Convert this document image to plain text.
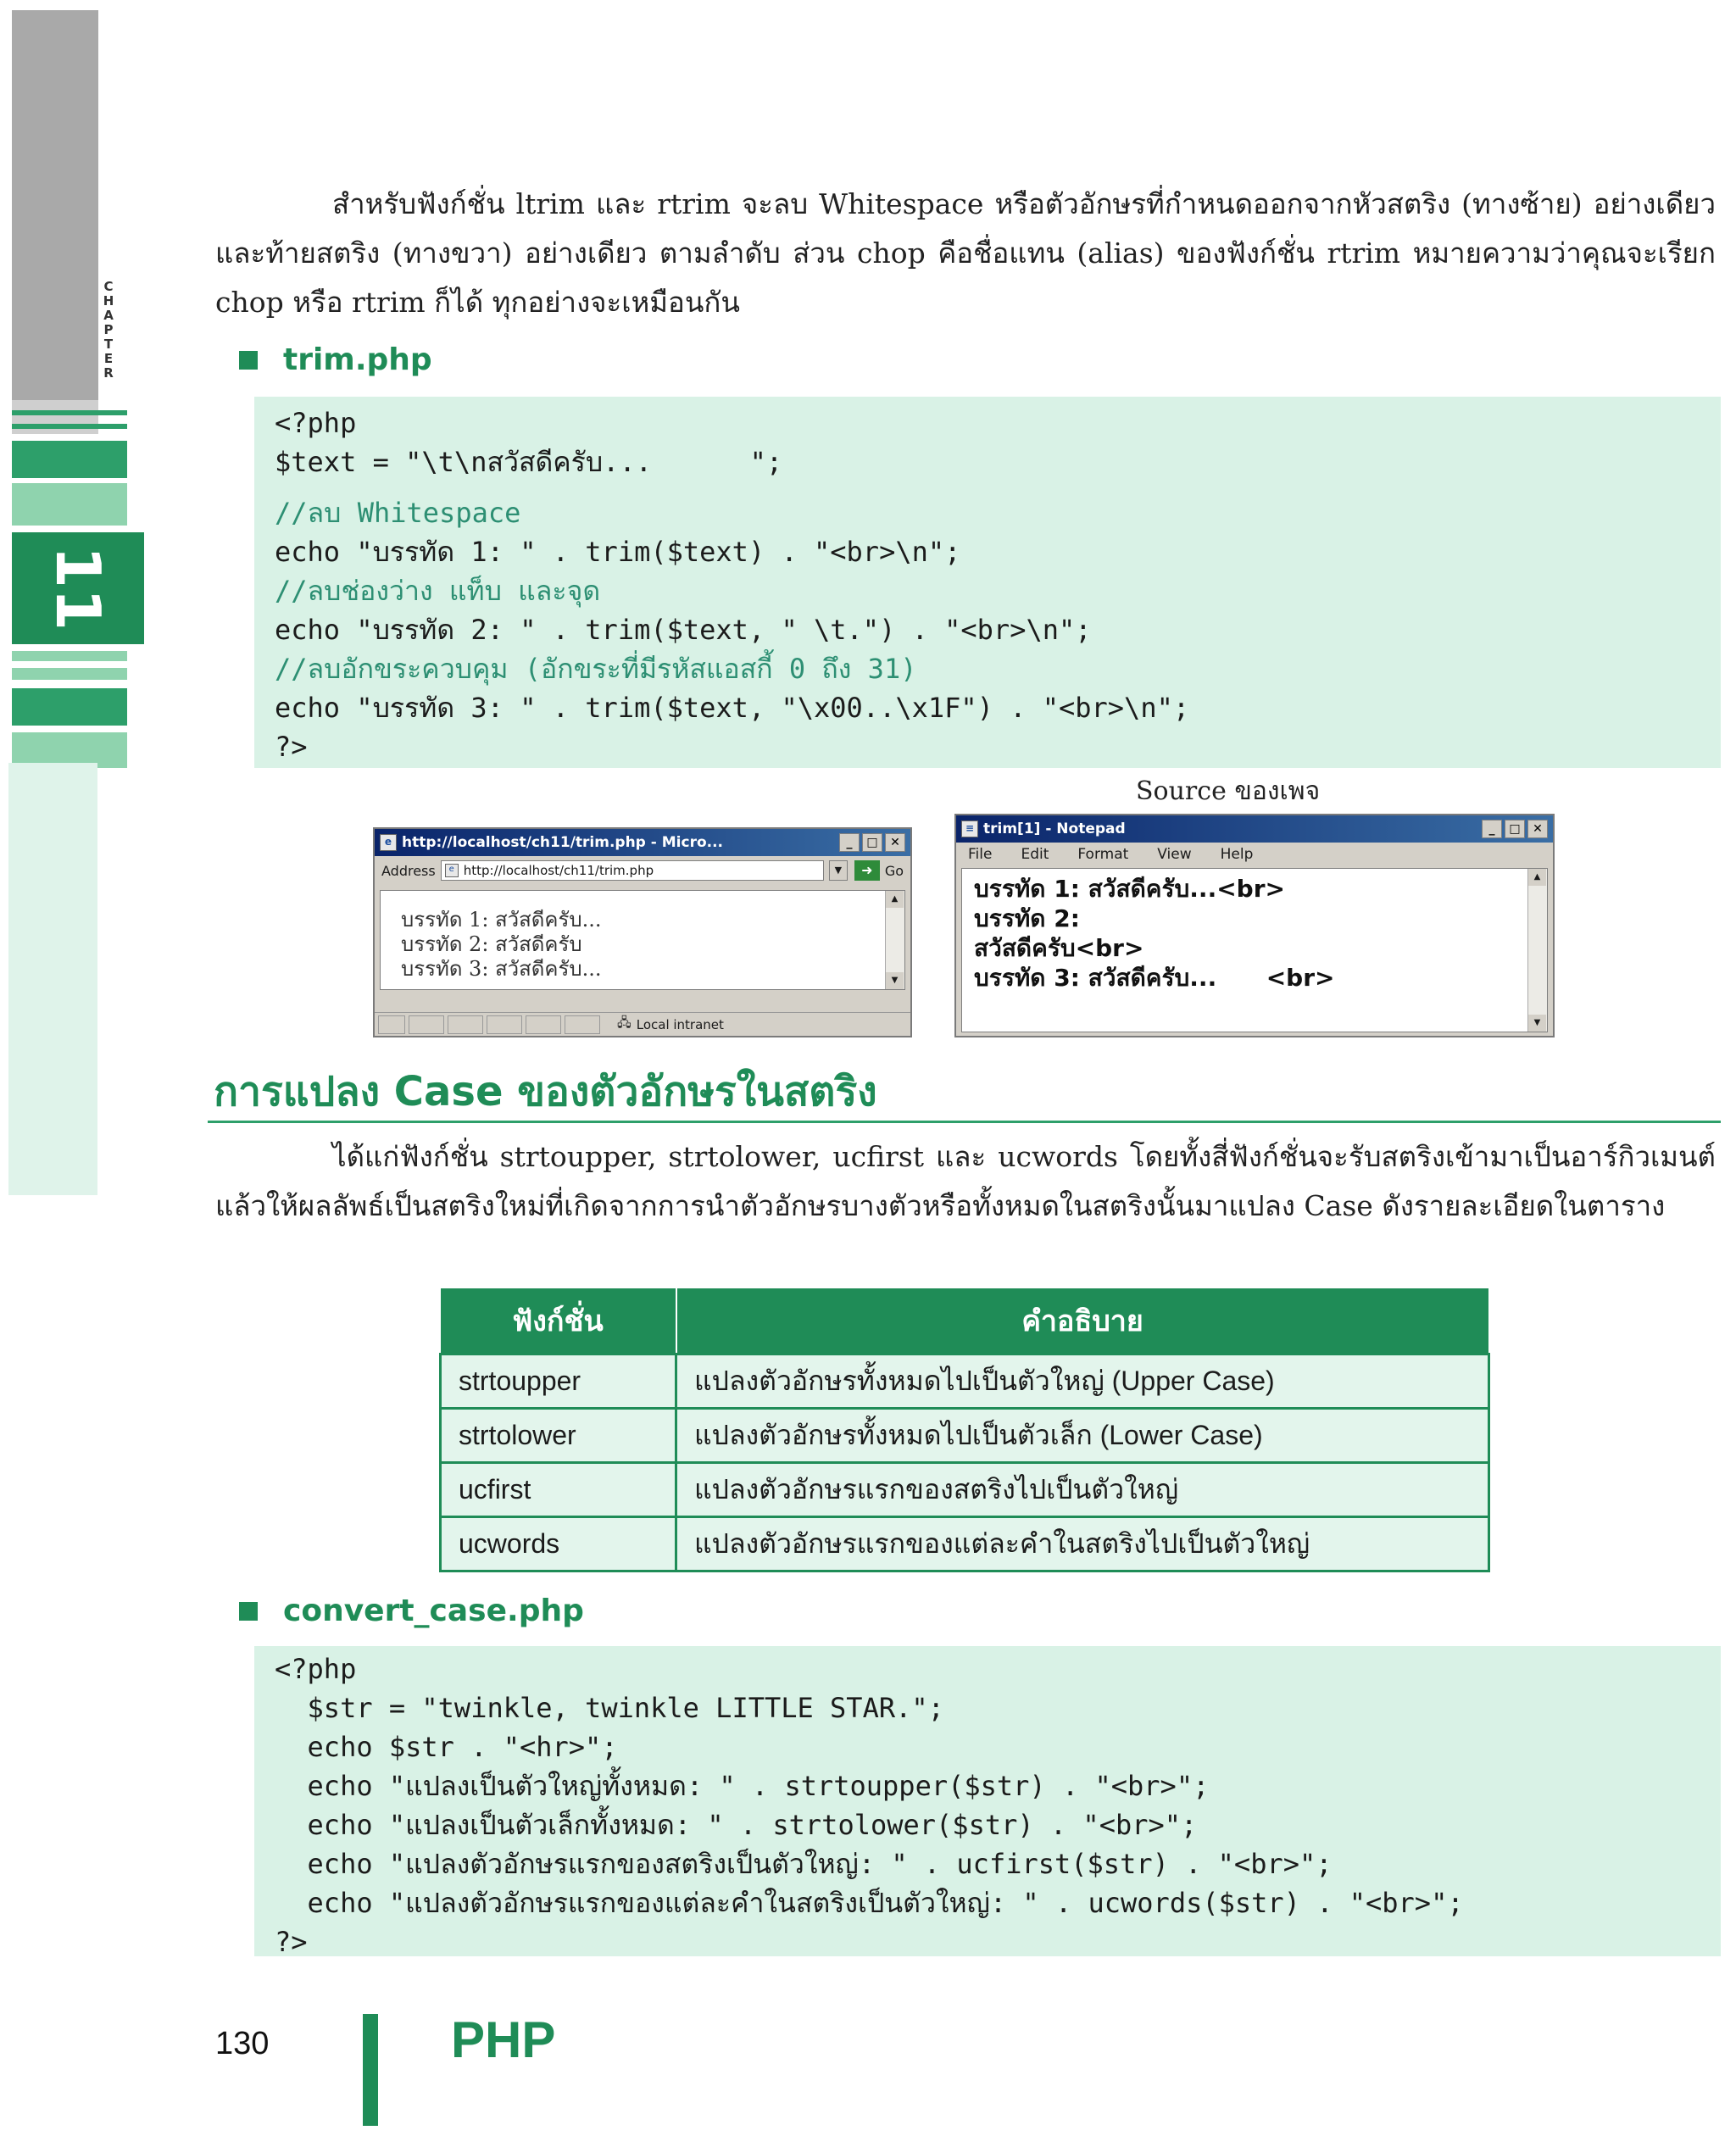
C
H
A
P
T
E
R
11

สำหรับฟังก์ชั่น ltrim และ rtrim จะลบ Whitespace หรือตัวอักษรที่กำหนดออกจากหัวสตริง (ทางซ้าย) อย่างเดียว และท้ายสตริง (ทางขวา) อย่างเดียว ตามลำดับ ส่วน chop คือชื่อแทน (alias) ของฟังก์ชั่น rtrim หมายความว่าคุณจะเรียก chop หรือ rtrim ก็ได้ ทุกอย่างจะเหมือนกัน

trim.php
<?php
$text = "\t\nสวัสดีครับ...      ";
//ลบ Whitespace
echo "บรรทัด 1: " . trim($text) . "<br>\n";
//ลบช่องว่าง แท็บ และจุด
echo "บรรทัด 2: " . trim($text, " \t.") . "<br>\n";
//ลบอักขระควบคุม (อักขระที่มีรหัสแอสกี้ 0 ถึง 31)
echo "บรรทัด 3: " . trim($text, "\x00..\x1F") . "<br>\n";
?>
Source ของเพจ
e http://localhost/ch11/trim.php - Micro...	_	□	✕
Address	e http://localhost/ch11/trim.php	▼	➜ Go
บรรทัด 1: สวัสดีครับ...
บรรทัด 2: สวัสดีครับ
บรรทัด 3: สวัสดีครับ...
▲
▼
🖧 Local intranet
≡ trim[1] - Notepad	_	□	✕
File Edit Format View Help
บรรทัด 1: สวัสดีครับ...<br>
บรรทัด 2:
สวัสดีครับ<br>
บรรทัด 3: สวัสดีครับ...      <br>
▲
▼
การแปลง Case ของตัวอักษรในสตริง

ได้แก่ฟังก์ชั่น strtoupper, strtolower, ucfirst และ ucwords โดยทั้งสี่ฟังก์ชั่นจะรับสตริงเข้ามาเป็นอาร์กิวเมนต์ แล้วให้ผลลัพธ์เป็นสตริงใหม่ที่เกิดจากการนำตัวอักษรบางตัวหรือทั้งหมดในสตริงนั้นมาแปลง Case ดังรายละเอียดในตาราง

ฟังก์ชั่น	คำอธิบาย
strtoupper	แปลงตัวอักษรทั้งหมดไปเป็นตัวใหญ่ (Upper Case)
strtolower	แปลงตัวอักษรทั้งหมดไปเป็นตัวเล็ก (Lower Case)
ucfirst	แปลงตัวอักษรแรกของสตริงไปเป็นตัวใหญ่
ucwords	แปลงตัวอักษรแรกของแต่ละคำในสตริงไปเป็นตัวใหญ่
convert_case.php
<?php
$str = "twinkle, twinkle LITTLE STAR.";
echo $str . "<hr>";
echo "แปลงเป็นตัวใหญ่ทั้งหมด: " . strtoupper($str) . "<br>";
echo "แปลงเป็นตัวเล็กทั้งหมด: " . strtolower($str) . "<br>";
echo "แปลงตัวอักษรแรกของสตริงเป็นตัวใหญ่: " . ucfirst($str) . "<br>";
echo "แปลงตัวอักษรแรกของแต่ละคำในสตริงเป็นตัวใหญ่: " . ucwords($str) . "<br>";
?>
130	PHP
